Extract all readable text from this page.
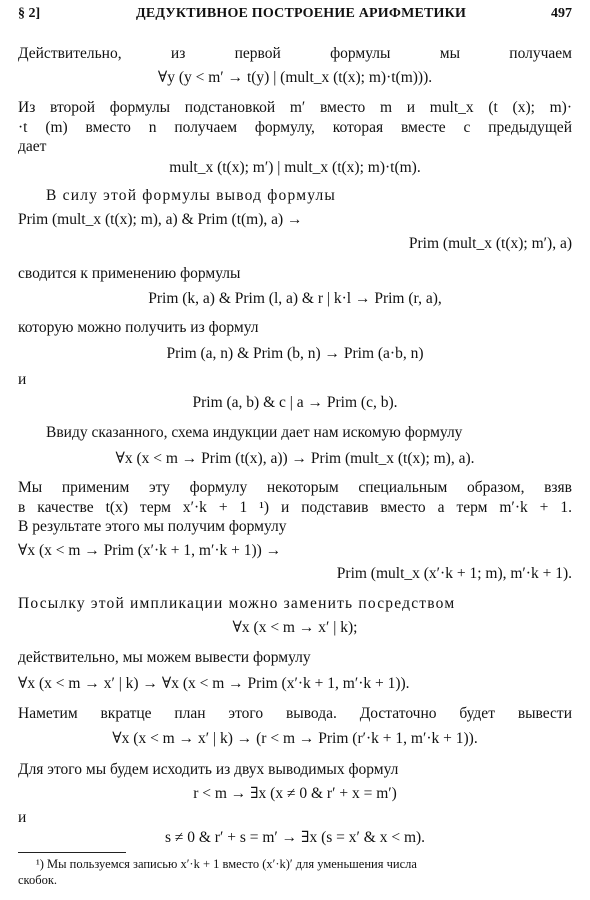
§ 2]	ДЕДУКТИВНОЕ ПОСТРОЕНИЕ АРИФМЕТИКИ	497
Действительно, из первой формулы мы получаем
∀y (y < m′ → t(y) | (mult_x (t(x); m)·t(m))).
Из второй формулы подстановкой m′ вместо m и mult_x (t (x); m)·
·t (m) вместо n получаем формулу, которая вместе с предыдущей
дает
mult_x (t(x); m′) | mult_x (t(x); m)·t(m).
В силу этой формулы вывод формулы
Prim (mult_x (t(x); m), a) & Prim (t(m), a) →
Prim (mult_x (t(x); m′), a)
сводится к применению формулы
Prim (k, a) & Prim (l, a) & r | k·l → Prim (r, a),
которую можно получить из формул
Prim (a, n) & Prim (b, n) → Prim (a·b, n)
и
Prim (a, b) & c | a → Prim (c, b).
Ввиду сказанного, схема индукции дает нам искомую формулу
∀x (x < m → Prim (t(x), a)) → Prim (mult_x (t(x); m), a).
Мы применим эту формулу некоторым специальным образом, взяв
в качестве t(x) терм x′·k + 1 ¹) и подставив вместо a терм m′·k + 1.
В результате этого мы получим формулу
∀x (x < m → Prim (x′·k + 1, m′·k + 1)) →
Prim (mult_x (x′·k + 1; m), m′·k + 1).
Посылку этой импликации можно заменить посредством
∀x (x < m → x′ | k);
действительно, мы можем вывести формулу
∀x (x < m → x′ | k) → ∀x (x < m → Prim (x′·k + 1, m′·k + 1)).
Наметим вкратце план этого вывода. Достаточно будет вывести
∀x (x < m → x′ | k) → (r < m → Prim (r′·k + 1, m′·k + 1)).
Для этого мы будем исходить из двух выводимых формул
r < m → ∃x (x ≠ 0 & r′ + x = m′)
и
s ≠ 0 & r′ + s = m′ → ∃x (s = x′ & x < m).
¹) Мы пользуемся записью x′·k + 1 вместо (x′·k)′ для уменьшения числа
скобок.
